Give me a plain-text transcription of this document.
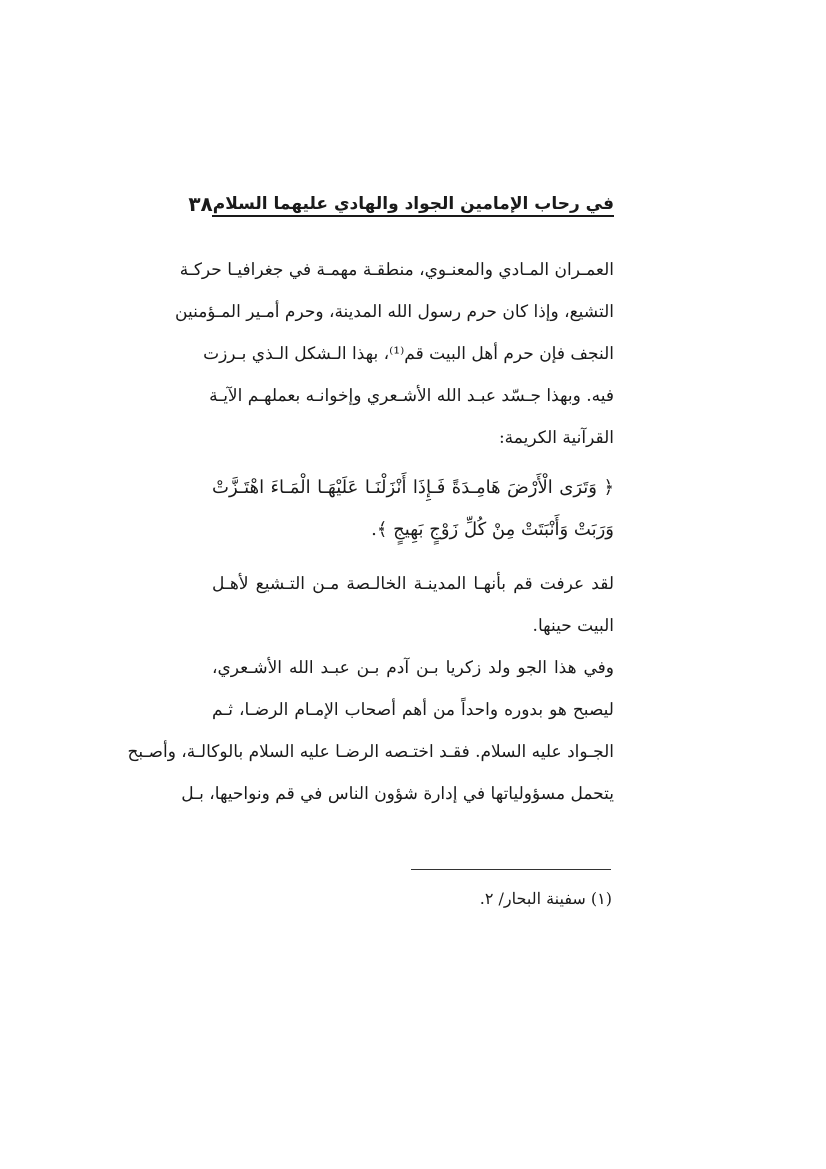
في رحاب الإمامين الجواد والهادي عليهما السلام
٣٨
العمـران المـادي والمعنـوي، منطقـة مهمـة في جغرافيـا حركـة
التشيع، وإذا كان حرم رسول الله المدينة، وحرم أمـير المـؤمنين
النجف فإن حرم أهل البيت قم⁽¹⁾، بهذا الـشكل الـذي بـرزت
فيه. وبهذا جـسّد عبـد الله الأشـعري وإخوانـه بعملهـم الآيـة
القرآنية الكريمة:
﴿ وَتَرَى الْأَرْضَ هَامِـدَةً فَـإِذَا أَنْزَلْنَـا عَلَيْهَـا الْمَـاءَ اهْتَـزَّتْ
وَرَبَتْ وَأَنْبَتَتْ مِنْ كُلِّ زَوْجٍ بَهِيجٍ ﴾.
لقد عرفت قم بأنهـا المدينـة الخالـصة مـن التـشيع لأهـل
البيت حينها.
وفي هذا الجو ولد زكريا بـن آدم بـن عبـد الله الأشـعري،
ليصبح هو بدوره واحداً من أهم أصحاب الإمـام الرضـا، ثـم
الجـواد عليه السلام. فقـد اختـصه الرضـا عليه السلام بالوكالـة، وأصـبح
يتحمل مسؤولياتها في إدارة شؤون الناس في قم ونواحيها، بـل
(١) سفينة البحار/ ٢.
